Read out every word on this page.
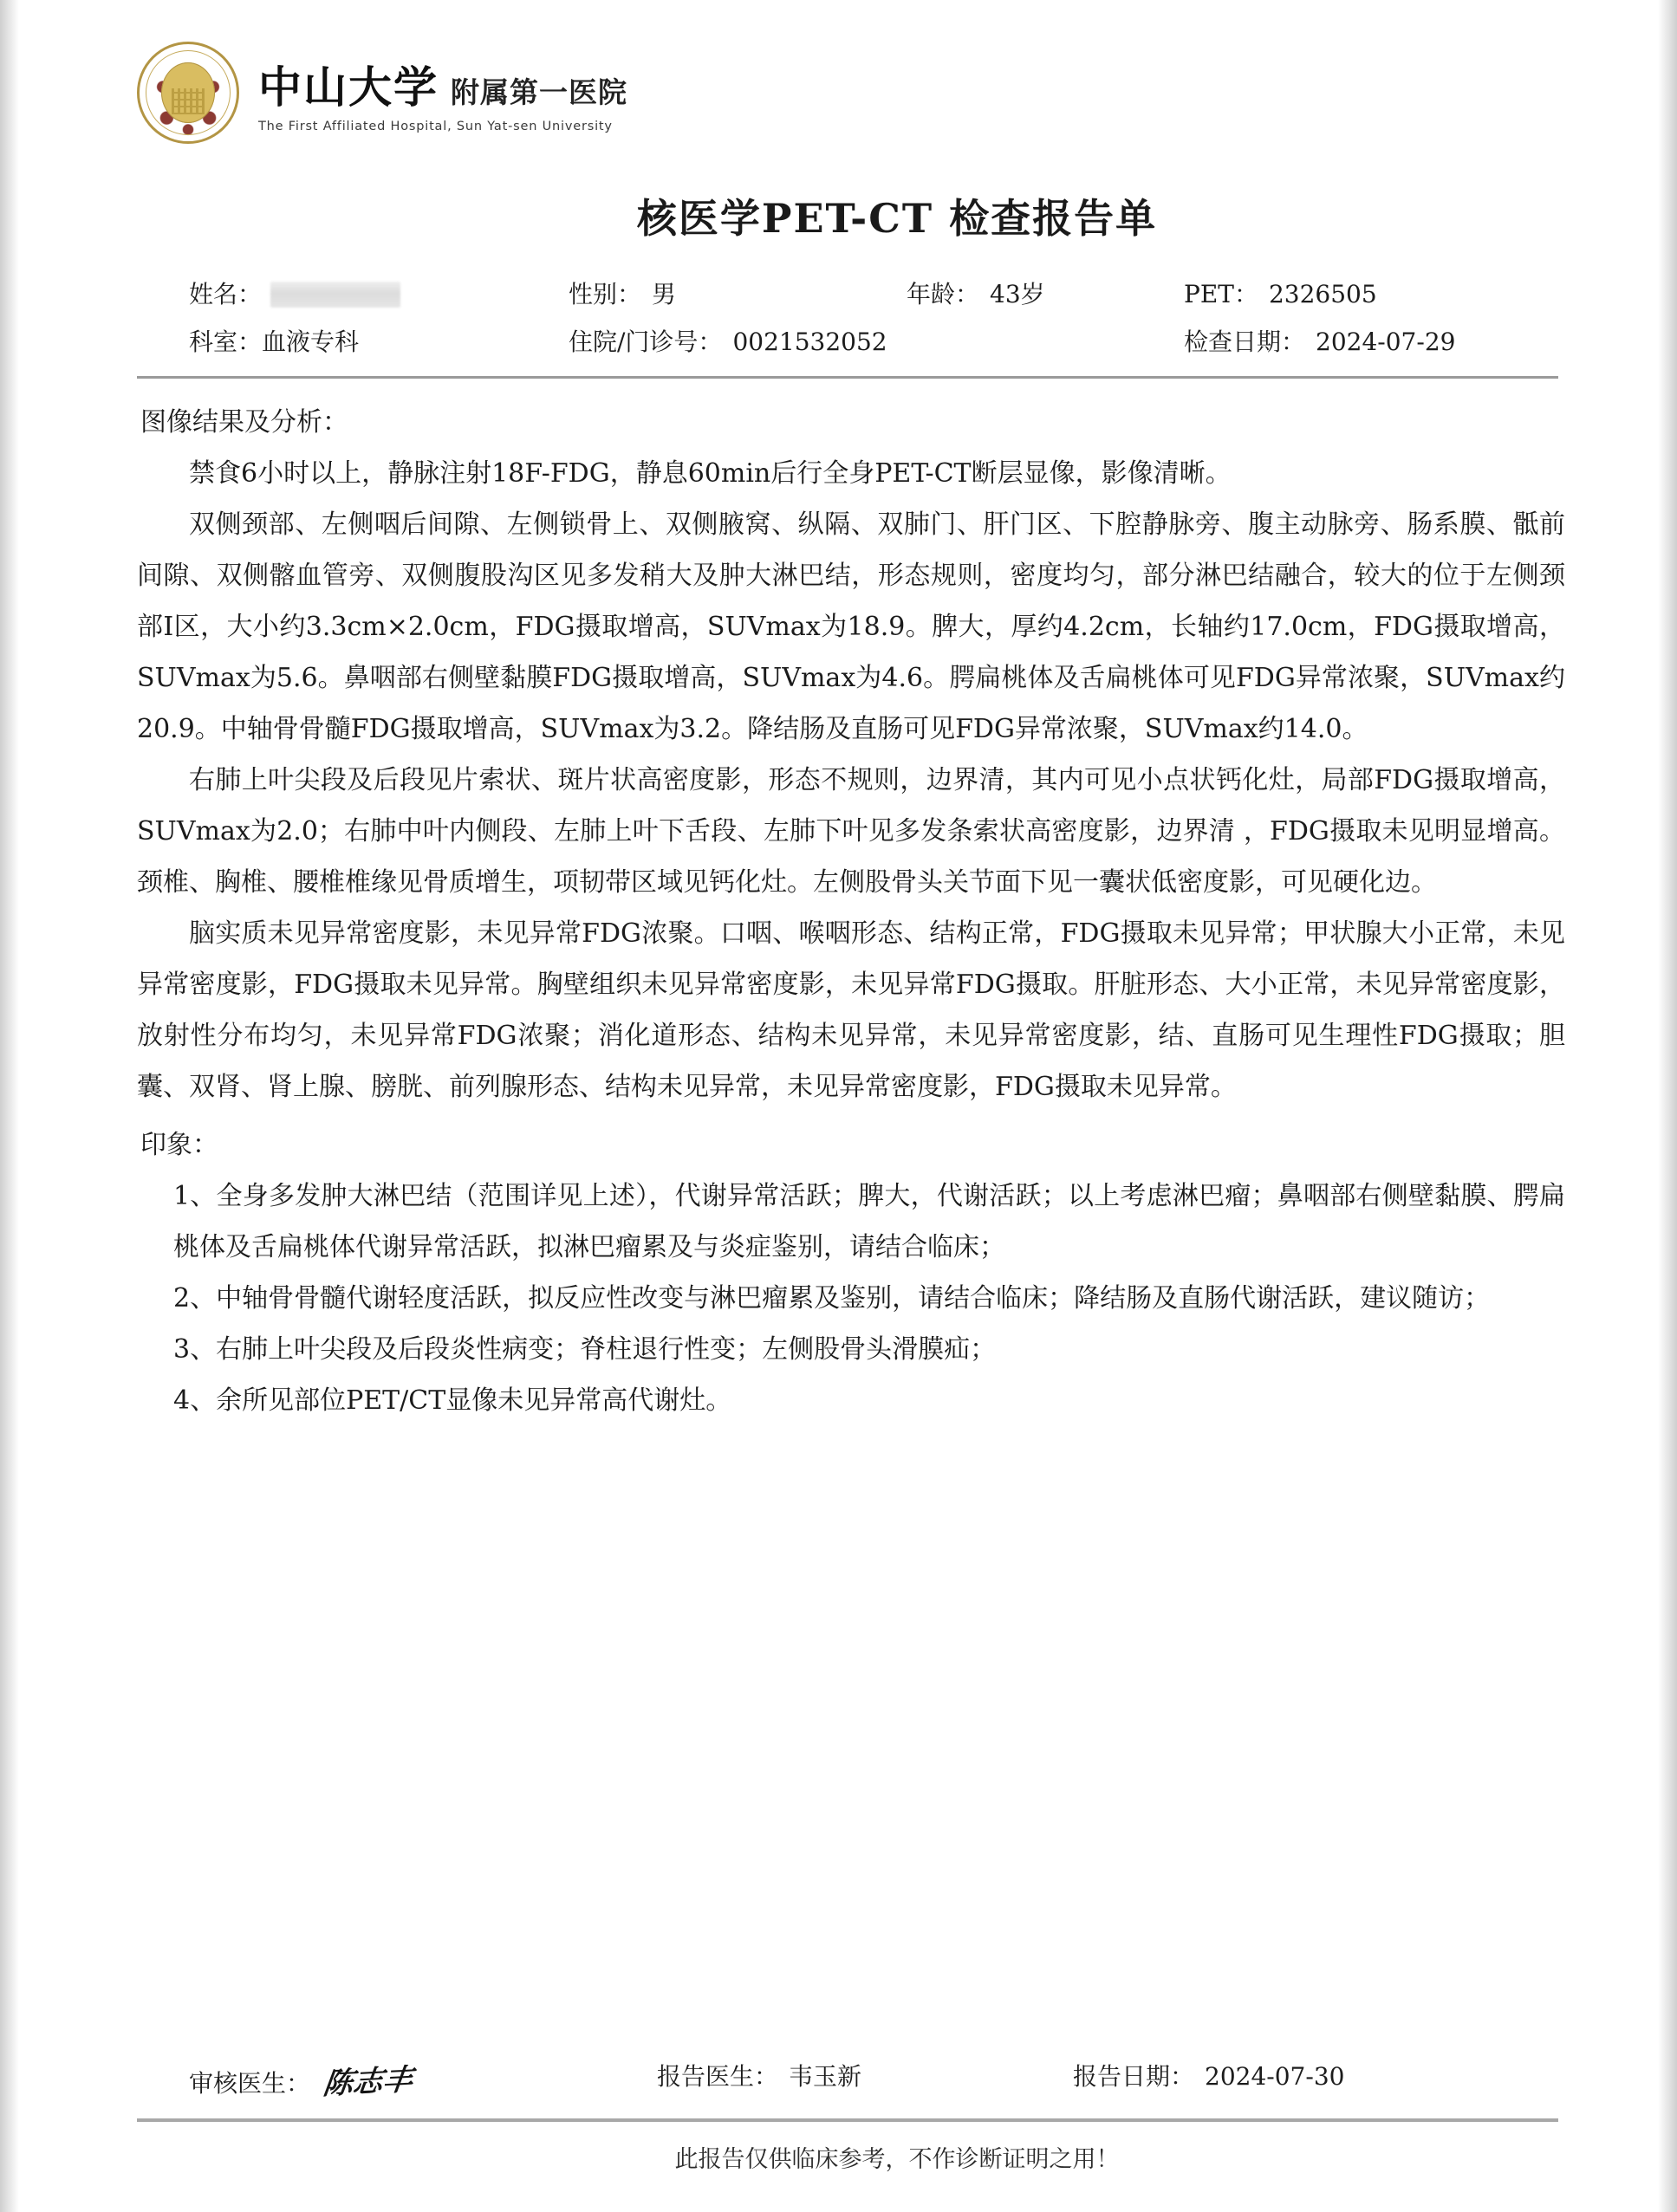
中山大学 附属第一医院
The First Affiliated Hospital, Sun Yat-sen University
核医学PET-CT 检查报告单
姓名：	性别： 男	年龄： 43岁	PET： 2326505
科室：血液专科	住院/门诊号： 0021532052	检查日期： 2024-07-29
图像结果及分析：

禁食6小时以上，静脉注射18F-FDG，静息60min后行全身PET-CT断层显像，影像清晰。

双侧颈部、左侧咽后间隙、左侧锁骨上、双侧腋窝、纵隔、双肺门、肝门区、下腔静脉旁、腹主动脉旁、肠系膜、骶前间隙、双侧髂血管旁、双侧腹股沟区见多发稍大及肿大淋巴结，形态规则，密度均匀，部分淋巴结融合，较大的位于左侧颈部Ⅰ区，大小约3.3cm×2.0cm，FDG摄取增高，SUVmax为18.9。脾大，厚约4.2cm，长轴约17.0cm，FDG摄取增高，SUVmax为5.6。鼻咽部右侧壁黏膜FDG摄取增高，SUVmax为4.6。腭扁桃体及舌扁桃体可见FDG异常浓聚，SUVmax约20.9。中轴骨骨髓FDG摄取增高，SUVmax为3.2。降结肠及直肠可见FDG异常浓聚，SUVmax约14.0。

右肺上叶尖段及后段见片索状、斑片状高密度影，形态不规则，边界清，其内可见小点状钙化灶，局部FDG摄取增高，SUVmax为2.0；右肺中叶内侧段、左肺上叶下舌段、左肺下叶见多发条索状高密度影，边界清 ，FDG摄取未见明显增高。颈椎、胸椎、腰椎椎缘见骨质增生，项韧带区域见钙化灶。左侧股骨头关节面下见一囊状低密度影，可见硬化边。

脑实质未见异常密度影，未见异常FDG浓聚。口咽、喉咽形态、结构正常，FDG摄取未见异常；甲状腺大小正常，未见异常密度影，FDG摄取未见异常。胸壁组织未见异常密度影，未见异常FDG摄取。肝脏形态、大小正常，未见异常密度影，放射性分布均匀，未见异常FDG浓聚；消化道形态、结构未见异常，未见异常密度影，结、直肠可见生理性FDG摄取；胆囊、双肾、肾上腺、膀胱、前列腺形态、结构未见异常，未见异常密度影，FDG摄取未见异常。

印象：

1、全身多发肿大淋巴结（范围详见上述），代谢异常活跃；脾大，代谢活跃；以上考虑淋巴瘤；鼻咽部右侧壁黏膜、腭扁桃体及舌扁桃体代谢异常活跃，拟淋巴瘤累及与炎症鉴别，请结合临床；

2、中轴骨骨髓代谢轻度活跃，拟反应性改变与淋巴瘤累及鉴别，请结合临床；降结肠及直肠代谢活跃，建议随访；

3、右肺上叶尖段及后段炎性病变；脊柱退行性变；左侧股骨头滑膜疝；

4、余所见部位PET/CT显像未见异常高代谢灶。

审核医生： 陈志丰	报告医生： 韦玉新	报告日期： 2024-07-30
此报告仅供临床参考，不作诊断证明之用！
